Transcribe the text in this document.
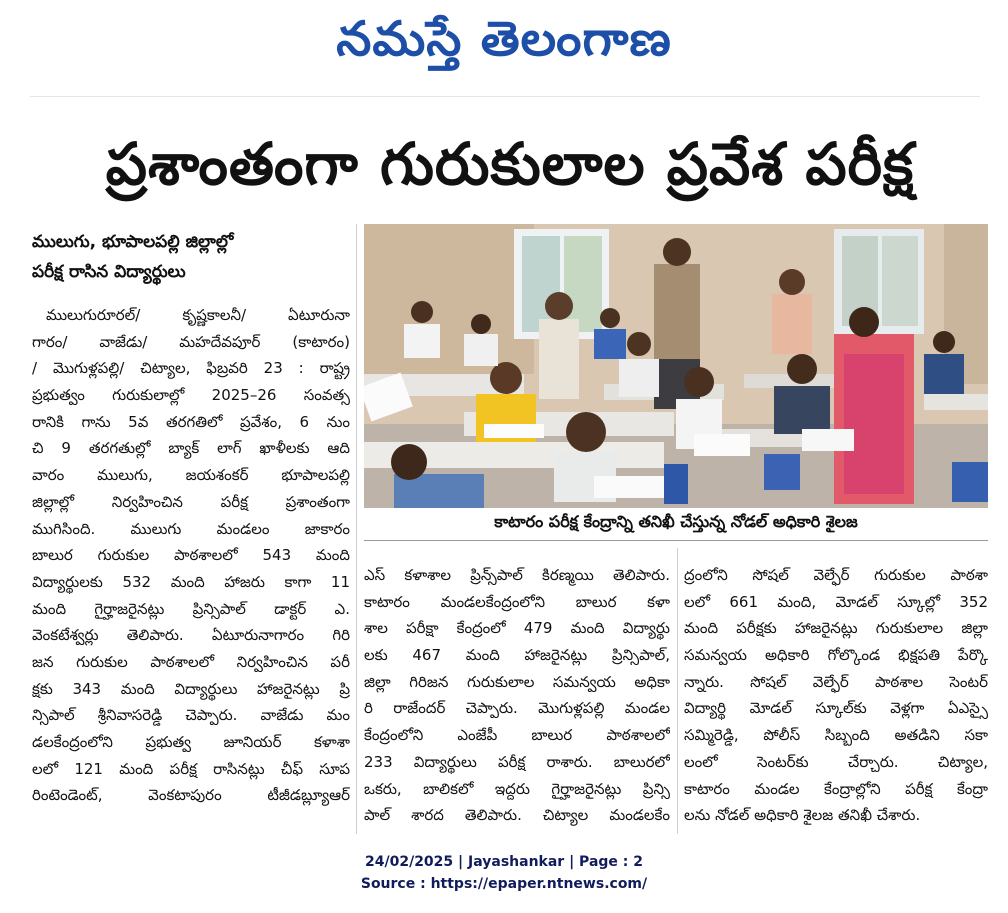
నమస్తే తెలంగాణ
ప్రశాంతంగా గురుకులాల ప్రవేశ పరీక్ష
ములుగు, భూపాలపల్లి జిల్లాల్లో
పరీక్ష రాసిన విద్యార్థులు
కాటారం పరీక్ష కేంద్రాన్ని తనిఖీ చేస్తున్న నోడల్ అధికారి శైలజ
ములుగురూరల్/ కృష్ణకాలనీ/ ఏటూరునా
గారం/ వాజేడు/ మహదేవపూర్ (కాటారం)
/ మొగుళ్లపల్లి/ చిట్యాల, ఫిబ్రవరి 23 : రాష్ట్ర
ప్రభుత్వం గురుకులాల్లో 2025–26 సంవత్స
రానికి గాను 5వ తరగతిలో ప్రవేశం, 6 నుం
చి 9 తరగతుల్లో బ్యాక్ లాగ్ ఖాళీలకు ఆది
వారం ములుగు, జయశంకర్ భూపాలపల్లి
జిల్లాల్లో నిర్వహించిన పరీక్ష ప్రశాంతంగా
ముగిసింది. ములుగు మండలం జాకారం
బాలుర గురుకుల పాఠశాలలో 543 మంది
విద్యార్థులకు 532 మంది హాజరు కాగా 11
మంది గైర్హాజరైనట్లు ప్రిన్సిపాల్ డాక్టర్ ఎ.
వెంకటేశ్వర్లు తెలిపారు. ఏటూరునాగారం గిరి
జన గురుకుల పాఠశాలలో నిర్వహించిన పరీ
క్షకు 343 మంది విద్యార్థులు హాజరైనట్లు ప్రి
న్సిపాల్ శ్రీనివాసరెడ్డి చెప్పారు. వాజేడు మం
డలకేంద్రంలోని ప్రభుత్వ జూనియర్ కళాశా
లలో 121 మంది పరీక్ష రాసినట్లు చీఫ్ సూప
రింటెండెంట్, వెంకటాపురం టీజీడబ్ల్యూఆర్
ఎస్ కళాశాల ప్రిన్స్‌పాల్ కిరణ్మయి తెలిపారు.
కాటారం మండలకేంద్రంలోని బాలుర కళా
శాల పరీక్షా కేంద్రంలో 479 మంది విద్యార్థు
లకు 467 మంది హాజరైనట్లు ప్రిన్సిపాల్,
జిల్లా గిరిజన గురుకులాల సమన్వయ అధికా
రి రాజేందర్ చెప్పారు. మొగుళ్లపల్లి మండల
కేంద్రంలోని ఎంజేపీ బాలుర పాఠశాలలో
233 విద్యార్థులు పరీక్ష రాశారు. బాలురలో
ఒకరు, బాలికలో ఇద్దరు గైర్హాజరైనట్లు ప్రిన్సి
పాల్ శారద తెలిపారు. చిట్యాల మండలకేం
ద్రంలోని సోషల్ వెల్ఫేర్ గురుకుల పాఠశా
లలో 661 మంది, మోడల్ స్కూల్లో 352
మంది పరీక్షకు హాజరైనట్లు గురుకులాల జిల్లా
సమన్వయ అధికారి గోల్కొండ భిక్షపతి పేర్కొ
న్నారు. సోషల్ వెల్ఫేర్ పాఠశాల సెంటర్
విద్యార్థి మోడల్ స్కూల్‌కు వెళ్లగా ఏఎస్సై
సమ్మిరెడ్డి, పోలీస్ సిబ్బంది అతడిని సకా
లంలో సెంటర్‌కు చేర్చారు. చిట్యాల,
కాటారం మండల కేంద్రాల్లోని పరీక్ష కేంద్రా
లను నోడల్ అధికారి శైలజ తనిఖీ చేశారు.
24/02/2025 | Jayashankar | Page : 2
Source : https://epaper.ntnews.com/
